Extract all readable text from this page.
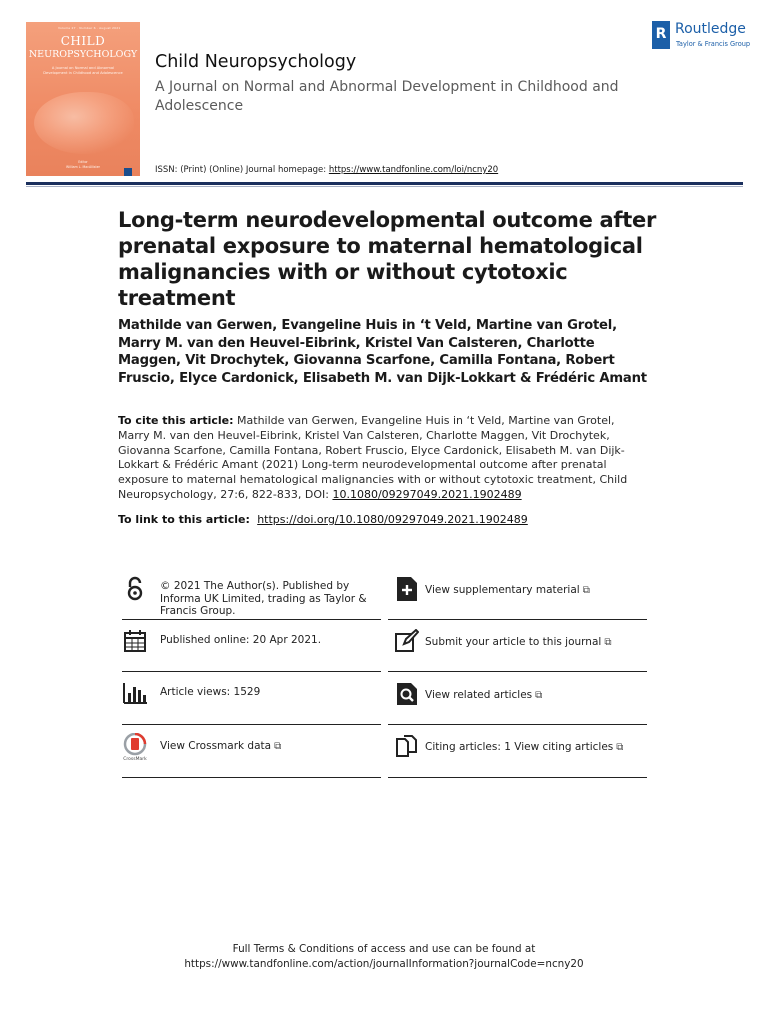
Volume 27 · Number 6 · August 2021
CHILD
NEUROPSYCHOLOGY
A Journal on Normal and Abnormal Development in Childhood and Adolescence
Editor
William L. MacAllister
Child Neuropsychology
A Journal on Normal and Abnormal Development in Childhood and Adolescence
ISSN: (Print) (Online) Journal homepage: https://www.tandfonline.com/loi/ncny20
R Routledge
Taylor & Francis Group
Long-term neurodevelopmental outcome after prenatal exposure to maternal hematological malignancies with or without cytotoxic treatment
Mathilde van Gerwen, Evangeline Huis in ‘t Veld, Martine van Grotel, Marry M. van den Heuvel-Eibrink, Kristel Van Calsteren, Charlotte Maggen, Vit Drochytek, Giovanna Scarfone, Camilla Fontana, Robert Fruscio, Elyce Cardonick, Elisabeth M. van Dijk-Lokkart & Frédéric Amant
To cite this article: Mathilde van Gerwen, Evangeline Huis in ‘t Veld, Martine van Grotel, Marry M. van den Heuvel-Eibrink, Kristel Van Calsteren, Charlotte Maggen, Vit Drochytek, Giovanna Scarfone, Camilla Fontana, Robert Fruscio, Elyce Cardonick, Elisabeth M. van Dijk-Lokkart & Frédéric Amant (2021) Long-term neurodevelopmental outcome after prenatal exposure to maternal hematological malignancies with or without cytotoxic treatment, Child Neuropsychology, 27:6, 822-833, DOI: 10.1080/09297049.2021.1902489
To link to this article:  https://doi.org/10.1080/09297049.2021.1902489
© 2021 The Author(s). Published by Informa UK Limited, trading as Taylor & Francis Group.
Published online: 20 Apr 2021.
Article views: 1529
CrossMark
View Crossmark data ⧉
View supplementary material ⧉
Submit your article to this journal ⧉
View related articles ⧉
Citing articles: 1 View citing articles ⧉
Full Terms & Conditions of access and use can be found at
https://www.tandfonline.com/action/journalInformation?journalCode=ncny20
